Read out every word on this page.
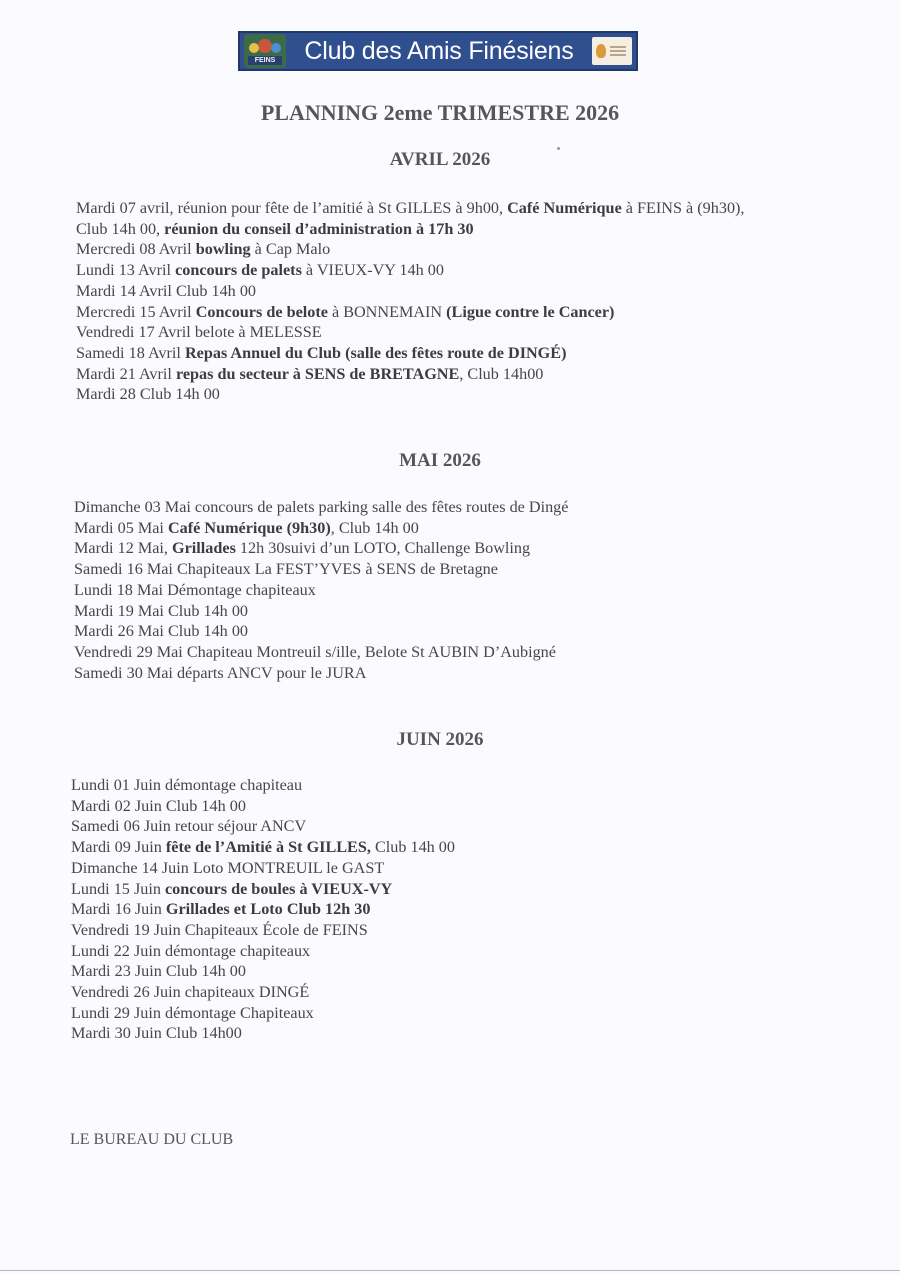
FEINS	Club des Amis Finésiens
PLANNING 2eme TRIMESTRE 2026
AVRIL 2026
Mardi 07 avril, réunion pour fête de l’amitié à St GILLES à 9h00, Café Numérique à FEINS à (9h30), Club 14h 00, réunion du conseil d’administration à 17h 30
Mercredi 08 Avril bowling à Cap Malo
Lundi 13 Avril concours de palets à VIEUX-VY 14h 00
Mardi 14 Avril Club 14h 00
Mercredi 15 Avril Concours de belote à BONNEMAIN (Ligue contre le Cancer)
Vendredi 17 Avril belote à MELESSE
Samedi 18 Avril Repas Annuel du Club (salle des fêtes route de DINGÉ)
Mardi 21 Avril repas du secteur à SENS de BRETAGNE, Club 14h00
Mardi 28 Club 14h 00
MAI 2026
Dimanche 03 Mai concours de palets parking salle des fêtes routes de Dingé
Mardi 05 Mai Café Numérique (9h30), Club 14h 00
Mardi 12 Mai, Grillades 12h 30suivi d’un LOTO, Challenge Bowling
Samedi 16 Mai Chapiteaux La FEST’YVES à SENS de Bretagne
Lundi 18 Mai Démontage chapiteaux
Mardi 19 Mai Club 14h 00
Mardi 26 Mai Club 14h 00
Vendredi 29 Mai Chapiteau Montreuil s/ille, Belote St AUBIN D’Aubigné
Samedi 30 Mai départs ANCV pour le JURA
JUIN 2026
Lundi 01 Juin démontage chapiteau
Mardi 02 Juin Club 14h 00
Samedi 06 Juin retour séjour ANCV
Mardi 09 Juin fête de l’Amitié à St GILLES, Club 14h 00
Dimanche 14 Juin Loto MONTREUIL le GAST
Lundi 15 Juin concours de boules à VIEUX-VY
Mardi 16 Juin Grillades et Loto Club 12h 30
Vendredi 19 Juin Chapiteaux École de FEINS
Lundi 22 Juin démontage chapiteaux
Mardi 23 Juin Club 14h 00
Vendredi 26 Juin chapiteaux DINGÉ
Lundi 29 Juin démontage Chapiteaux
Mardi 30 Juin Club 14h00
LE BUREAU DU CLUB
